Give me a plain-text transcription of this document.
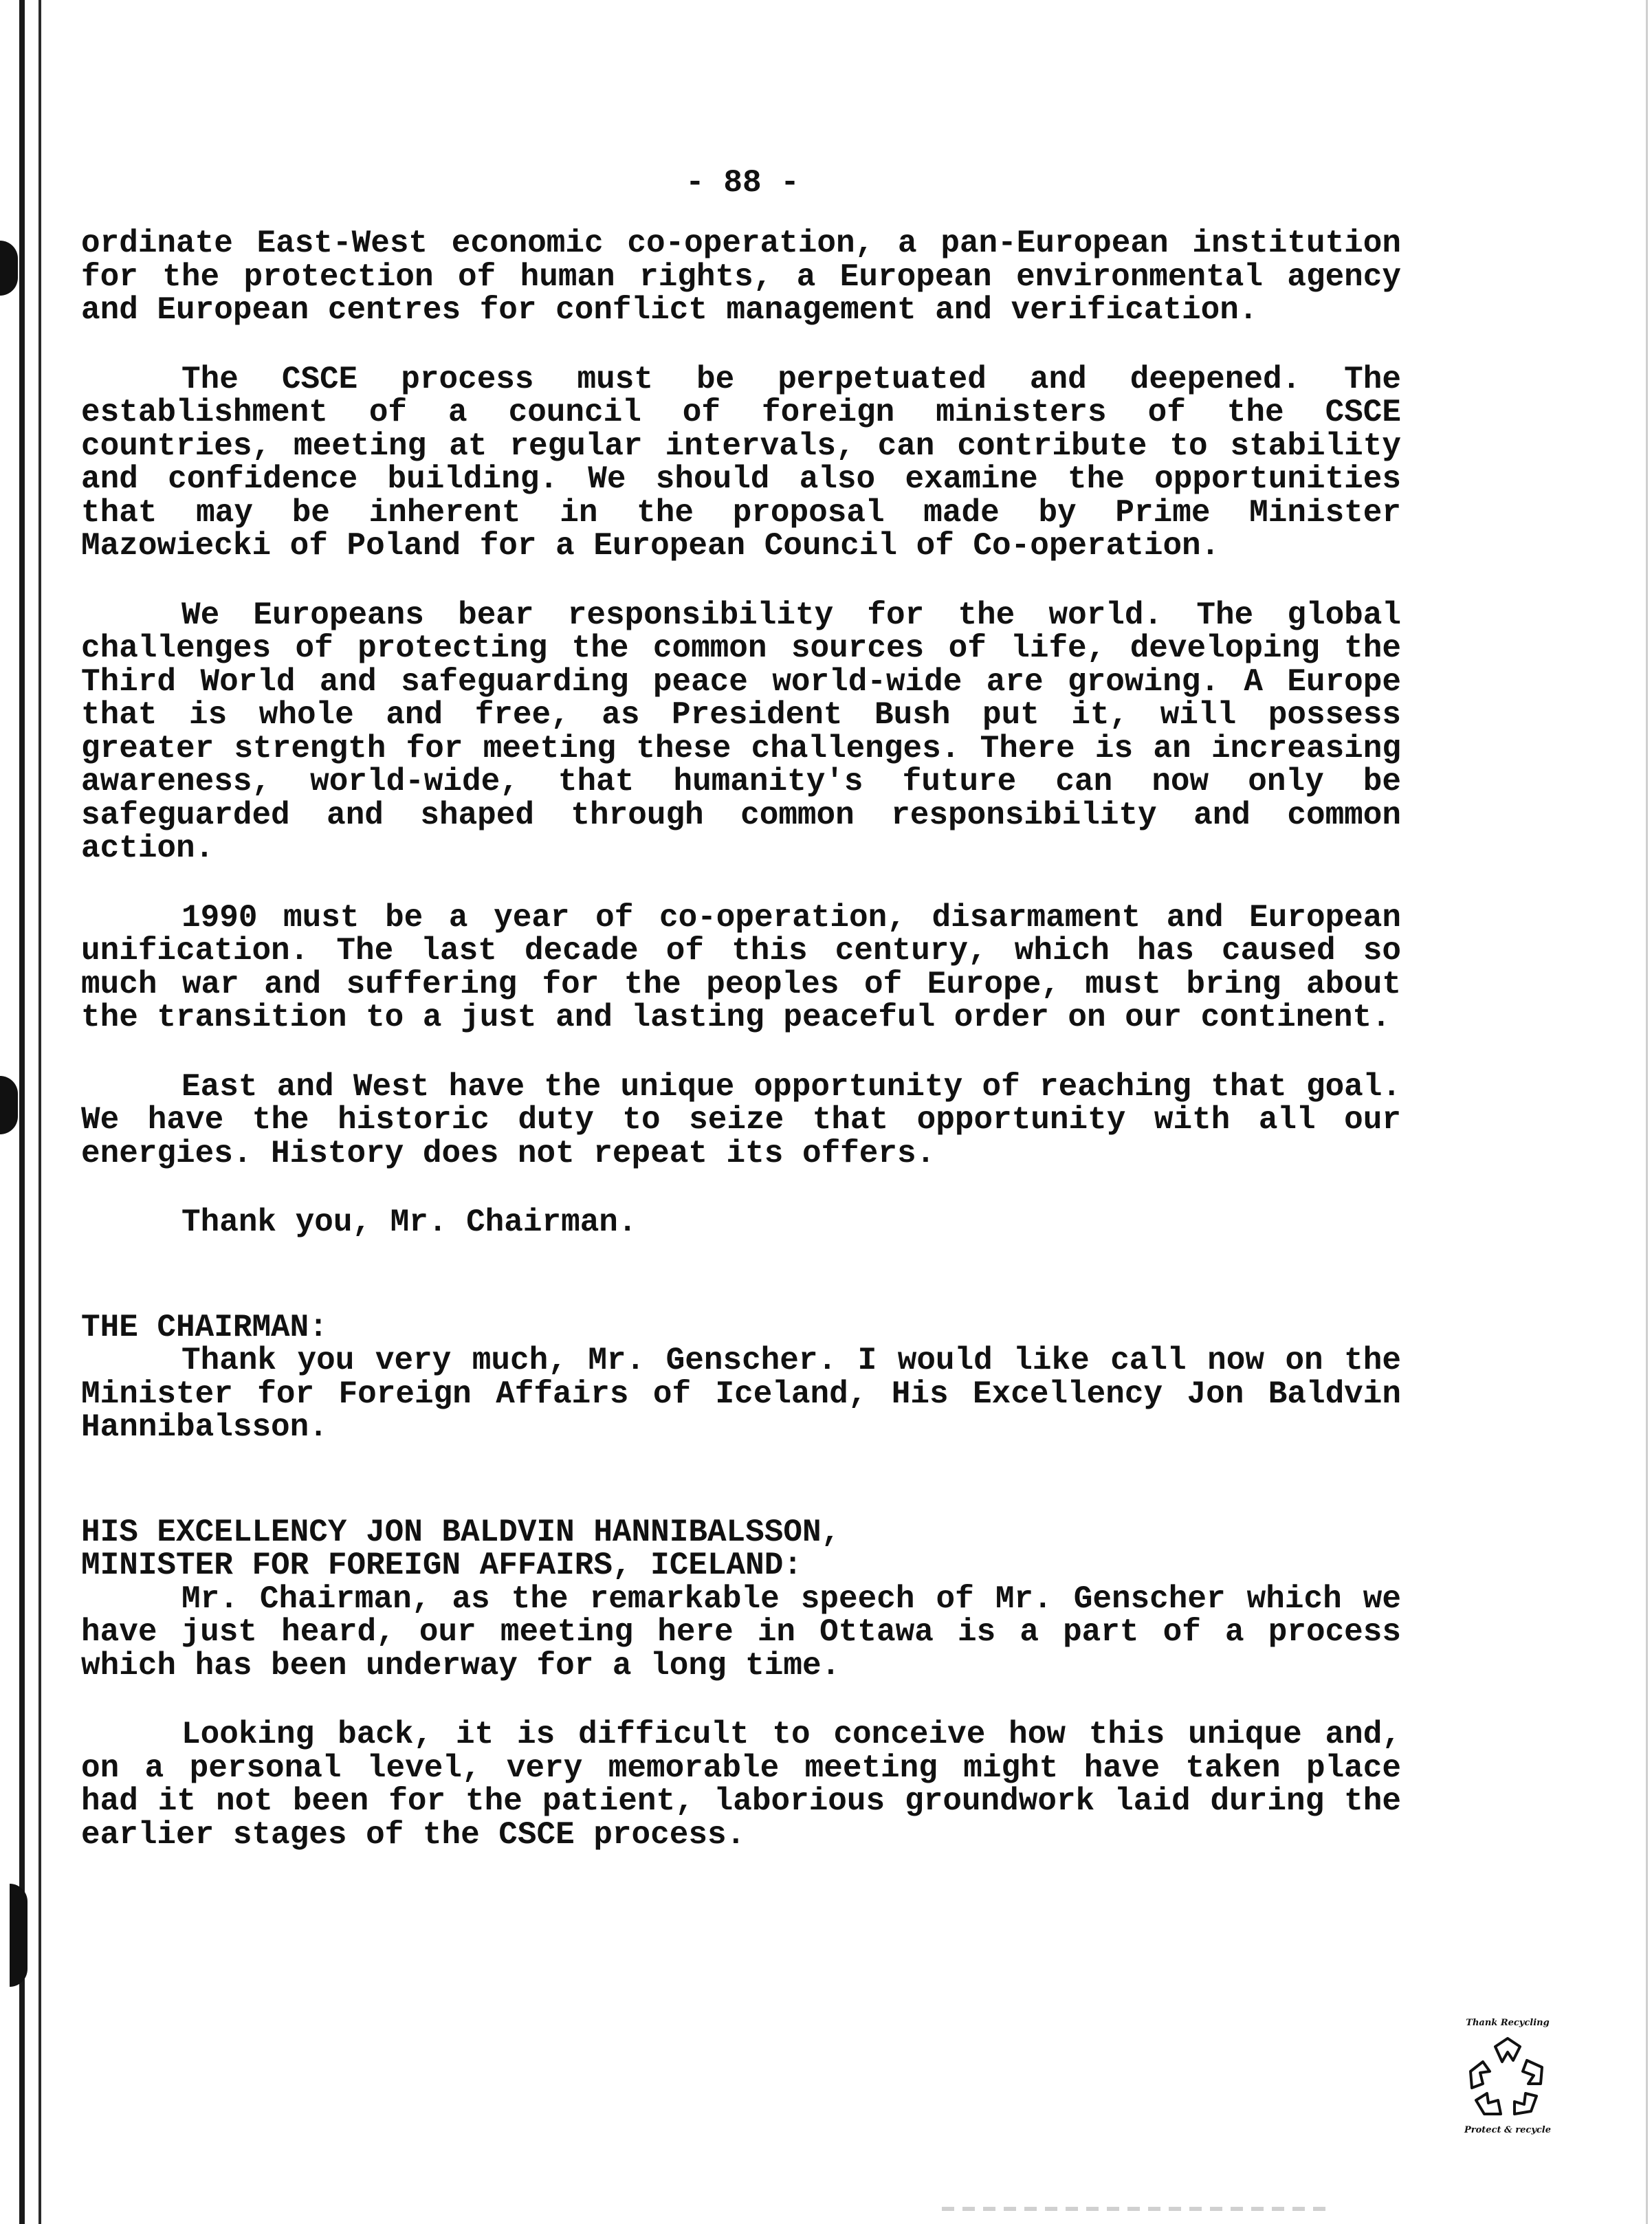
- 88 -

ordinate East-West economic co-operation, a pan-European institution for the protection of human rights, a European environmental agency and European centres for conflict management and verification.

The CSCE process must be perpetuated and deepened. The establishment of a council of foreign ministers of the CSCE countries, meeting at regular intervals, can contribute to stability and confidence building. We should also examine the opportunities that may be inherent in the proposal made by Prime Minister Mazowiecki of Poland for a European Council of Co-operation.

We Europeans bear responsibility for the world. The global challenges of protecting the common sources of life, developing the Third World and safeguarding peace world-wide are growing. A Europe that is whole and free, as President Bush put it, will possess greater strength for meeting these challenges. There is an increasing awareness, world-wide, that humanity's future can now only be safeguarded and shaped through common responsibility and common action.

1990 must be a year of co-operation, disarmament and European unification. The last decade of this century, which has caused so much war and suffering for the peoples of Europe, must bring about the transition to a just and lasting peaceful order on our continent.

East and West have the unique opportunity of reaching that goal. We have the historic duty to seize that opportunity with all our energies. History does not repeat its offers.

Thank you, Mr. Chairman.

THE CHAIRMAN:

Thank you very much, Mr. Genscher. I would like call now on the Minister for Foreign Affairs of Iceland, His Excellency Jon Baldvin Hannibalsson.

HIS EXCELLENCY JON BALDVIN HANNIBALSSON,

MINISTER FOR FOREIGN AFFAIRS, ICELAND:

Mr. Chairman, as the remarkable speech of Mr. Genscher which we have just heard, our meeting here in Ottawa is a part of a process which has been underway for a long time.

Looking back, it is difficult to conceive how this unique and, on a personal level, very memorable meeting might have taken place had it not been for the patient, laborious groundwork laid during the earlier stages of the CSCE process.

Thank Recycling
Protect & recycle
